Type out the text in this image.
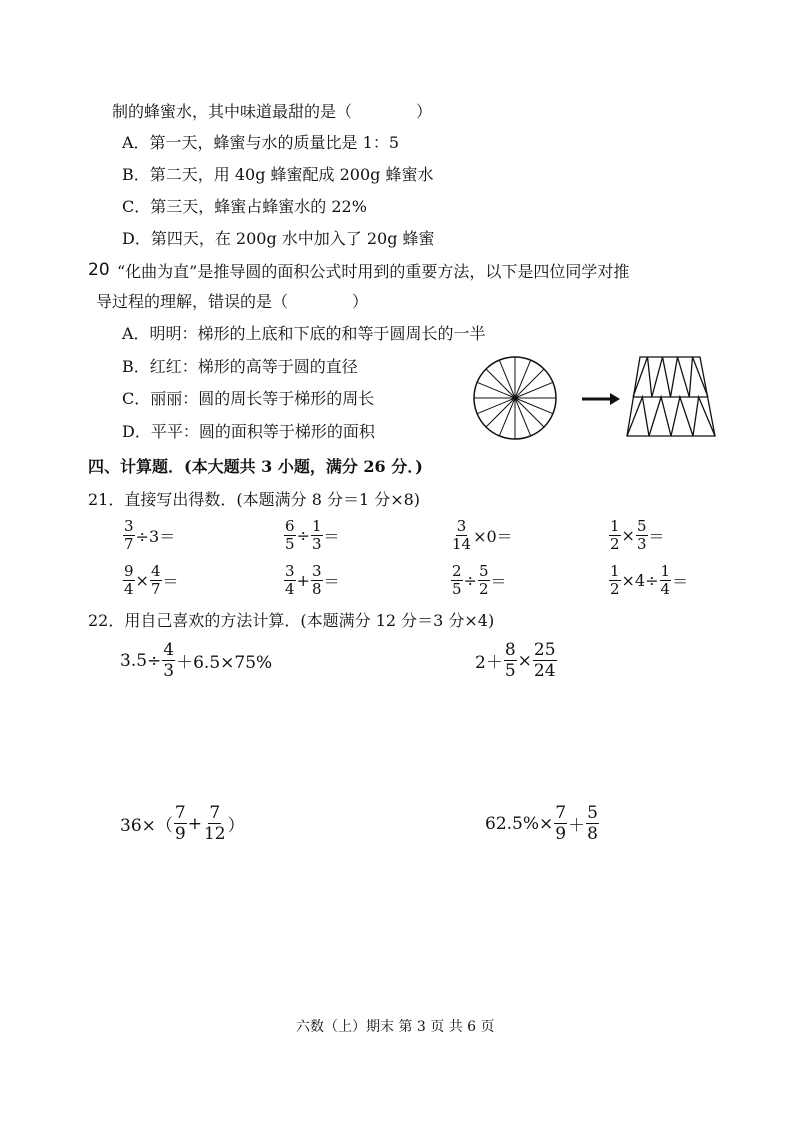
制的蜂蜜水，其中味道最甜的是（　　　　）
A．第一天，蜂蜜与水的质量比是 1：5
B．第二天，用 40g 蜂蜜配成 200g 蜂蜜水
C．第三天，蜂蜜占蜂蜜水的 22%
D．第四天，在 200g 水中加入了 20g 蜂蜜
20 “化曲为直”是推导圆的面积公式时用到的重要方法，以下是四位同学对推
导过程的理解，错误的是（　　　　）
A．明明：梯形的上底和下底的和等于圆周长的一半
B．红红：梯形的高等于圆的直径
C．丽丽：圆的周长等于梯形的周长
D．平平：圆的面积等于梯形的面积
四、计算题．(本大题共 3 小题，满分 26 分．)
21．直接写出得数．(本题满分 8 分＝1 分×8)
$\frac{3}{7} \div 3=$	$\frac{6}{5} \div \frac{1}{3}$ ＝	$\frac{3}{14} \times 0=$	$\frac{1}{2} \times \frac{5}{3}$ ＝
$\frac{9}{4} \times \frac{4}{7}$ ＝	$\frac{3}{4} + \frac{3}{8}$ ＝	$\frac{2}{5} \div \frac{5}{2}$ ＝	$\frac{1}{2} \times 4\div \frac{1}{4}$ ＝
22．用自己喜欢的方法计算．(本题满分 12 分＝3 分×4)
$3.5\div \frac{4}{3} +6.5\times 75\%$	$2+ \frac{8}{5} \times \frac{25}{24}$
$36\times( \frac{7}{9} + \frac{7}{12}$ ）	$62.5\%\times \frac{7}{9} + \frac{5}{8}$
六数（上）期末 第 3 页 共 6 页
